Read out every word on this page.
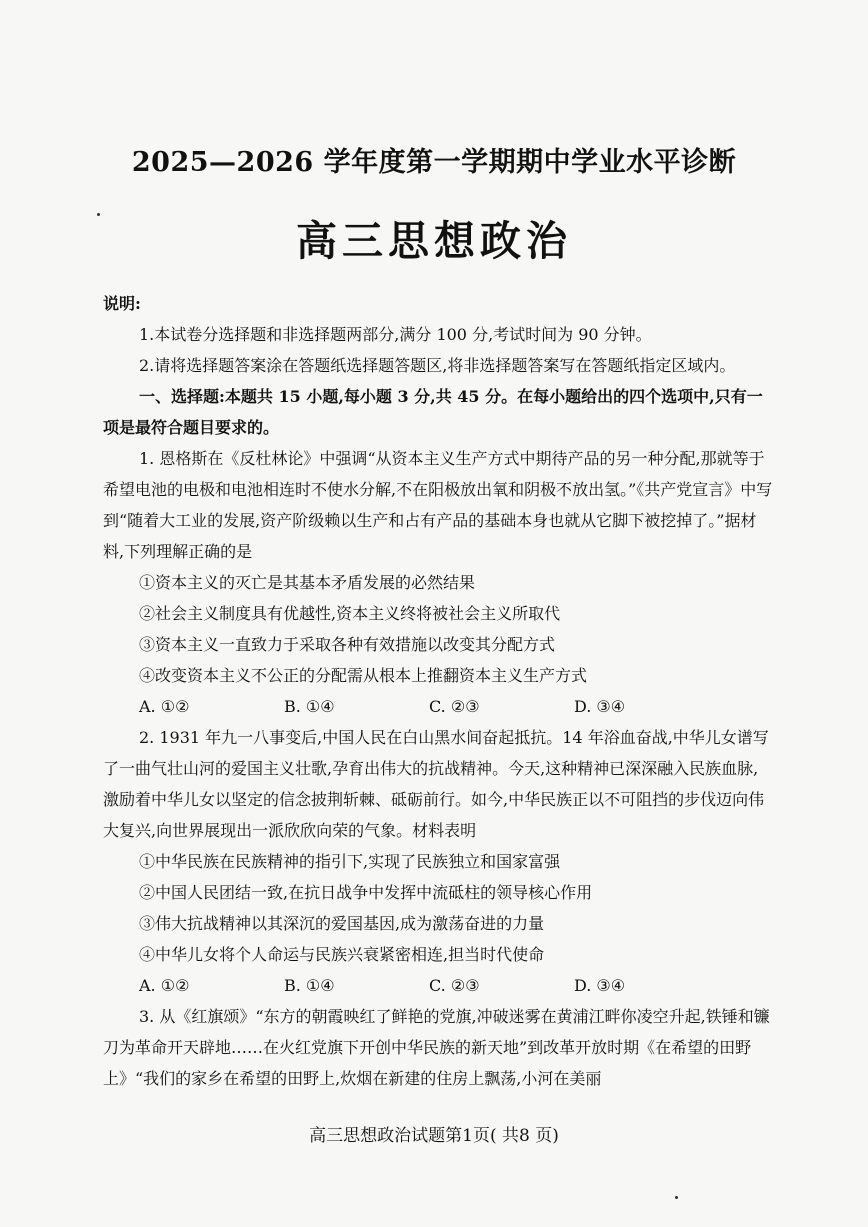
2025—2026 学年度第一学期期中学业水平诊断
高三思想政治

说明:

1.本试卷分选择题和非选择题两部分,满分 100 分,考试时间为 90 分钟。

2.请将选择题答案涂在答题纸选择题答题区,将非选择题答案写在答题纸指定区域内。

一、选择题:本题共 15 小题,每小题 3 分,共 45 分。在每小题给出的四个选项中,只有一项是最符合题目要求的。

1. 恩格斯在《反杜林论》中强调“从资本主义生产方式中期待产品的另一种分配,那就等于希望电池的电极和电池相连时不使水分解,不在阳极放出氧和阴极不放出氢。”《共产党宣言》中写到“随着大工业的发展,资产阶级赖以生产和占有产品的基础本身也就从它脚下被挖掉了。”据材料,下列理解正确的是

①资本主义的灭亡是其基本矛盾发展的必然结果

②社会主义制度具有优越性,资本主义终将被社会主义所取代

③资本主义一直致力于采取各种有效措施以改变其分配方式

④改变资本主义不公正的分配需从根本上推翻资本主义生产方式

A. ①②	B. ①④	C. ②③	D. ③④

2. 1931 年九一八事变后,中国人民在白山黑水间奋起抵抗。14 年浴血奋战,中华儿女谱写了一曲气壮山河的爱国主义壮歌,孕育出伟大的抗战精神。今天,这种精神已深深融入民族血脉,激励着中华儿女以坚定的信念披荆斩棘、砥砺前行。如今,中华民族正以不可阻挡的步伐迈向伟大复兴,向世界展现出一派欣欣向荣的气象。材料表明

①中华民族在民族精神的指引下,实现了民族独立和国家富强

②中国人民团结一致,在抗日战争中发挥中流砥柱的领导核心作用

③伟大抗战精神以其深沉的爱国基因,成为激荡奋进的力量

④中华儿女将个人命运与民族兴衰紧密相连,担当时代使命

A. ①②	B. ①④	C. ②③	D. ③④

3. 从《红旗颂》“东方的朝霞映红了鲜艳的党旗,冲破迷雾在黄浦江畔你凌空升起,铁锤和镰刀为革命开天辟地……在火红党旗下开创中华民族的新天地”到改革开放时期《在希望的田野上》“我们的家乡在希望的田野上,炊烟在新建的住房上飘荡,小河在美丽

高三思想政治试题第1页( 共8 页)
